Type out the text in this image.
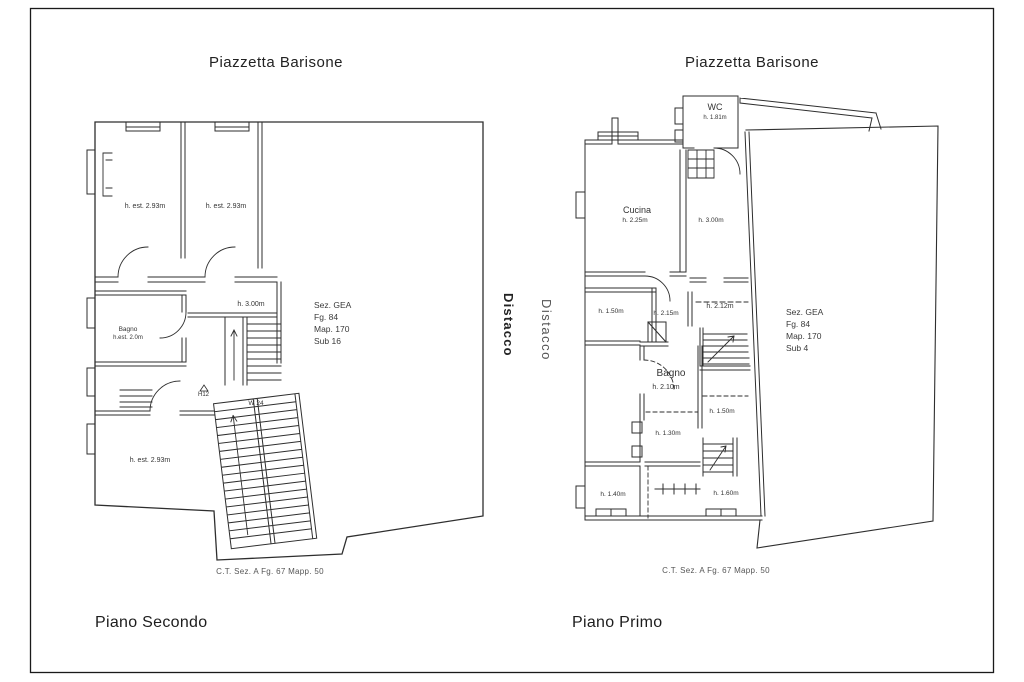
Piazzetta Barisone
h. est. 2.93m	h. est. 2.93m
h. 3.00m
Bagno
h.est. 2.0m
h. est. 2.93m
H12
W 24
Sez. GEA
Fg. 84
Map. 170
Sub 16	Distacco
C.T. Sez. A Fg. 67 Mapp. 50
Piano Secondo
Piazzetta Barisone
WC
h. 1.81m
Cucina
h. 2.25m	h. 3.00m
h. 1.50m	h. 2.15m
h. 2.12m
Bagno
h. 2.10m
h. 1.50m
h. 1.30m
h. 1.40m	h. 1.60m
Sez. GEA
Fg. 84
Map. 170
Sub 4
Distacco
C.T. Sez. A Fg. 67 Mapp. 50
Piano Primo
